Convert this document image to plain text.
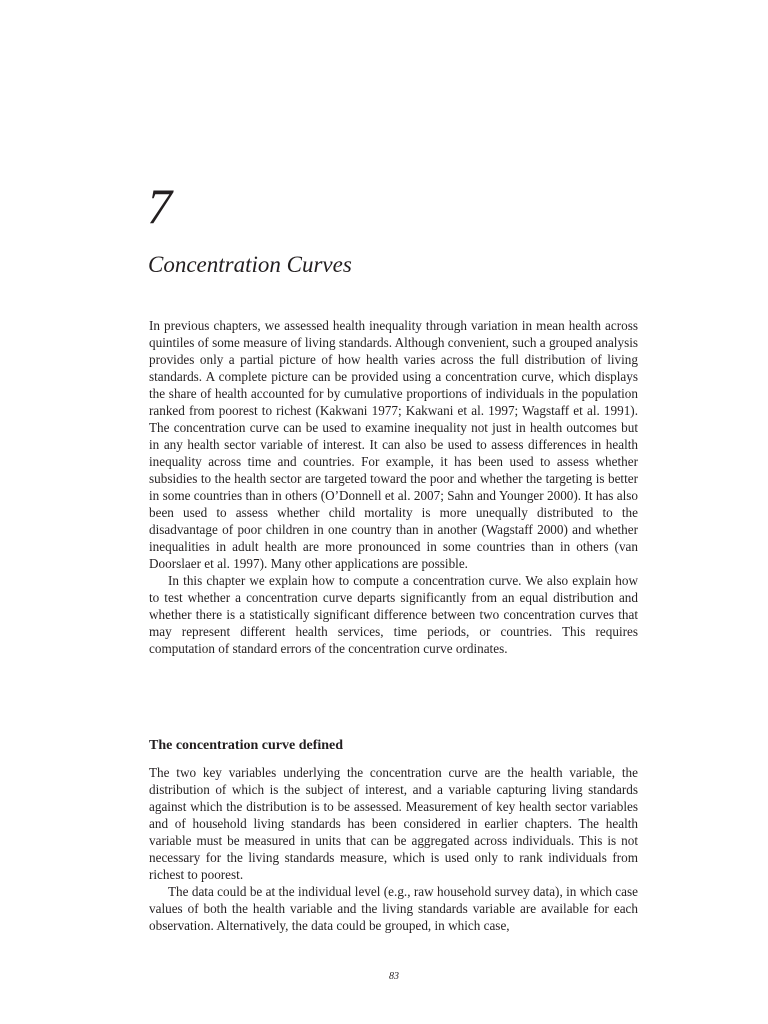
7
Concentration Curves

In previous chapters, we assessed health inequality through variation in mean health across quintiles of some measure of living standards. Although convenient, such a grouped analysis provides only a partial picture of how health varies across the full distribution of living standards. A complete picture can be provided using a concentration curve, which displays the share of health accounted for by cumulative proportions of individuals in the population ranked from poorest to richest (Kakwani 1977; Kakwani et al. 1997; Wagstaff et al. 1991). The concentration curve can be used to examine inequality not just in health outcomes but in any health sector variable of interest. It can also be used to assess differences in health inequality across time and countries. For example, it has been used to assess whether subsidies to the health sector are targeted toward the poor and whether the targeting is better in some countries than in others (O’Donnell et al. 2007; Sahn and Younger 2000). It has also been used to assess whether child mortality is more unequally distributed to the disadvantage of poor children in one country than in another (Wagstaff 2000) and whether inequalities in adult health are more pronounced in some countries than in others (van Doorslaer et al. 1997). Many other applications are possible.

In this chapter we explain how to compute a concentration curve. We also explain how to test whether a concentration curve departs significantly from an equal distribution and whether there is a statistically significant difference between two concentration curves that may represent different health services, time periods, or countries. This requires computation of standard errors of the concentration curve ordinates.

The concentration curve defined

The two key variables underlying the concentration curve are the health variable, the distribution of which is the subject of interest, and a variable capturing living standards against which the distribution is to be assessed. Measurement of key health sector variables and of household living standards has been considered in earlier chapters. The health variable must be measured in units that can be aggregated across individuals. This is not necessary for the living standards measure, which is used only to rank individuals from richest to poorest.

The data could be at the individual level (e.g., raw household survey data), in which case values of both the health variable and the living standards variable are available for each observation. Alternatively, the data could be grouped, in which case,

83
